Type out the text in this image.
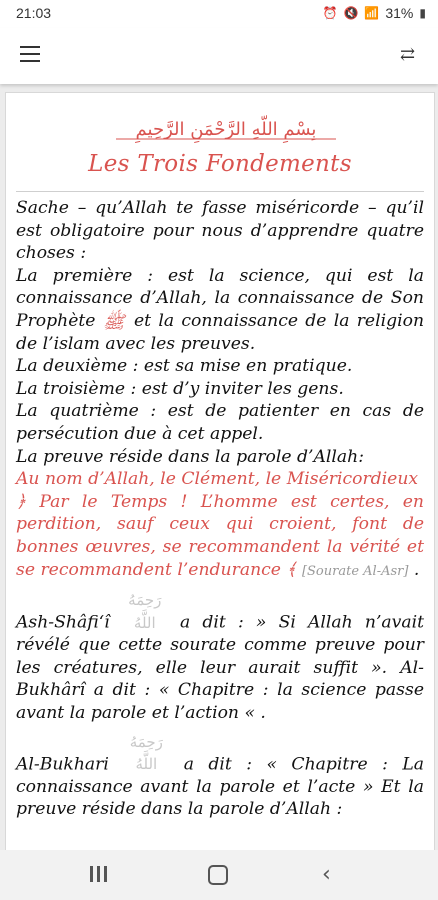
21:03	⏰ 🔇 📶 31% ▮
⇄
بِسْمِ اللَّهِ الرَّحْمَنِ الرَّحِيمِ
Les Trois Fondements

Sache – qu’Allah te fasse miséricorde – qu’il est obligatoire pour nous d’apprendre quatre choses :

La première : est la science, qui est la connaissance d’Allah, la connaissance de Son Prophète ﷺ et la connaissance de la religion de l’islam avec les preuves.

La deuxième : est sa mise en pratique.

La troisième : est d’y inviter les gens.

La quatrième : est de patienter en cas de persécution due à cet appel.

La preuve réside dans la parole d’Allah:

Au nom d’Allah, le Clément, le Miséricordieux

﴿ Par le Temps ! L’homme est certes, en perdition, sauf ceux qui croient, font de bonnes œuvres, se recommandent la vérité et se recommandent l’endurance ﴾ [Sourate Al-Asr] .

Ash-Shâfi‘î رَحِمَهُ اللَّهُ a dit : » Si Allah n’avait révélé que cette sourate comme preuve pour les créatures, elle leur aurait suffit ». Al-Bukhârî a dit : « Chapitre : la science passe avant la parole et l’action « .

Al-Bukhari رَحِمَهُ اللَّهُ a dit : « Chapitre : La connaissance avant la parole et l’acte » Et la preuve réside dans la parole d’Allah :

‹
